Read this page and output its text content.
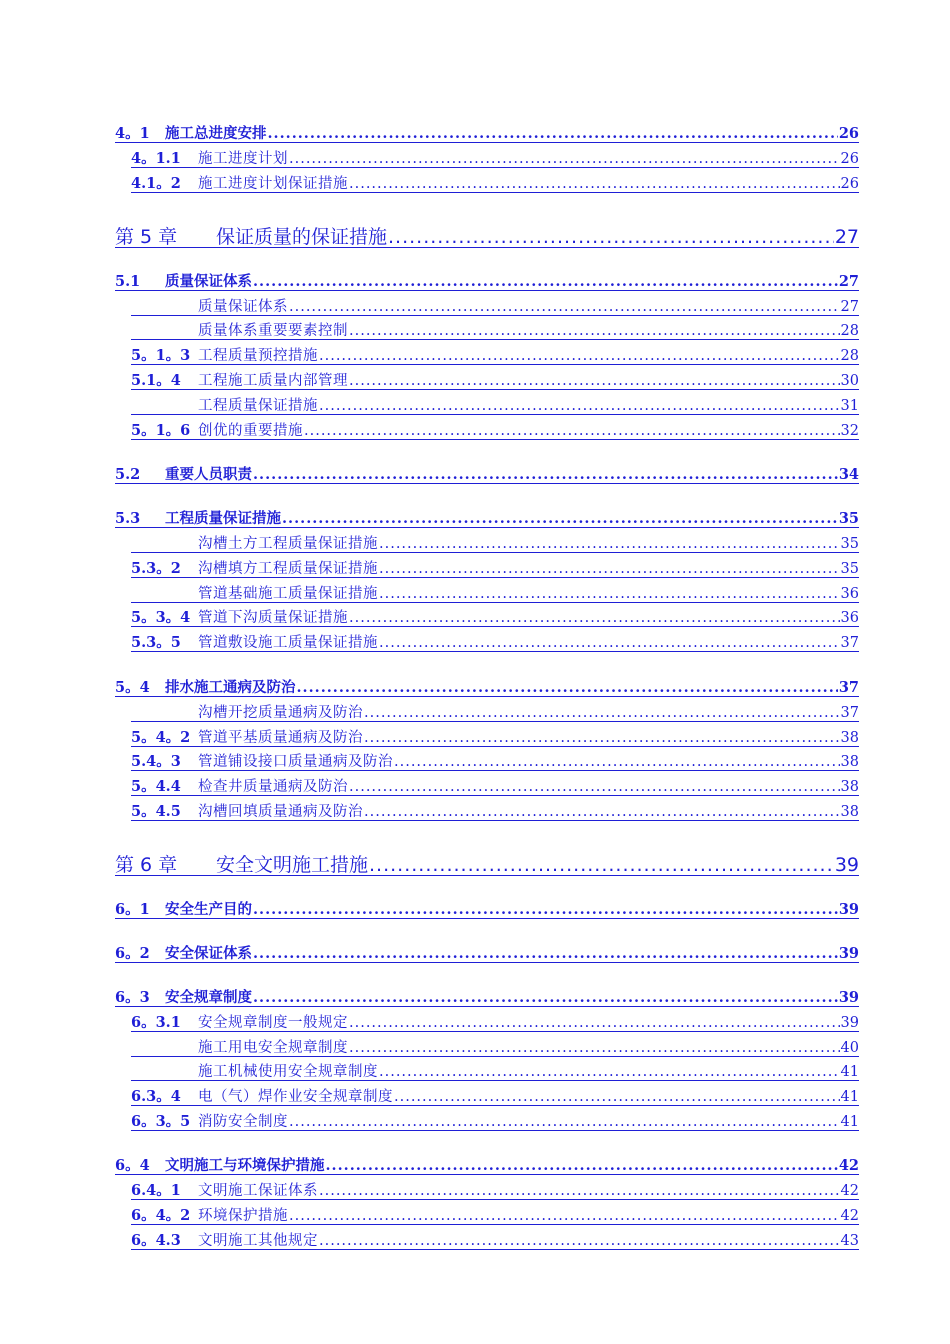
4。1	施工总进度安排 .....	26
4。1.1	施工进度计划 .....	26
4.1。2	施工进度计划保证措施 .....	26
第 5 章	保证质量的保证措施 .....	27
5.1	质量保证体系 .....	27
质量保证体系 .....	27
质量体系重要要素控制 .....	28
5。1。3 工程质量预控措施 .....	28
5.1。4	工程施工质量内部管理 .....	30
工程质量保证措施 .....	31
5。1。6 创优的重要措施 .....	32
5.2	重要人员职责 .....	34
5.3	工程质量保证措施 .....	35
沟槽土方工程质量保证措施 .....	35
5.3。2	沟槽填方工程质量保证措施 .....	35
管道基础施工质量保证措施 .....	36
5。3。4 管道下沟质量保证措施 .....	36
5.3。5	管道敷设施工质量保证措施 .....	37
5。4	排水施工通病及防治 .....	37
沟槽开挖质量通病及防治 .....	37
5。4。2 管道平基质量通病及防治 .....	38
5.4。3	管道铺设接口质量通病及防治 .....	38
5。4.4	检查井质量通病及防治 .....	38
5。4.5	沟槽回填质量通病及防治 .....	38
第 6 章	安全文明施工措施 .....	39
6。1	安全生产目的 .....	39
6。2	安全保证体系 .....	39
6。3	安全规章制度 .....	39
6。3.1	安全规章制度一般规定 .....	39
施工用电安全规章制度 .....	40
施工机械使用安全规章制度 .....	41
6.3。4	电（气）焊作业安全规章制度 .....	41
6。3。5 消防安全制度 .....	41
6。4	文明施工与环境保护措施 .....	42
6.4。1	文明施工保证体系 .....	42
6。4。2 环境保护措施 .....	42
6。4.3	文明施工其他规定 .....	43
